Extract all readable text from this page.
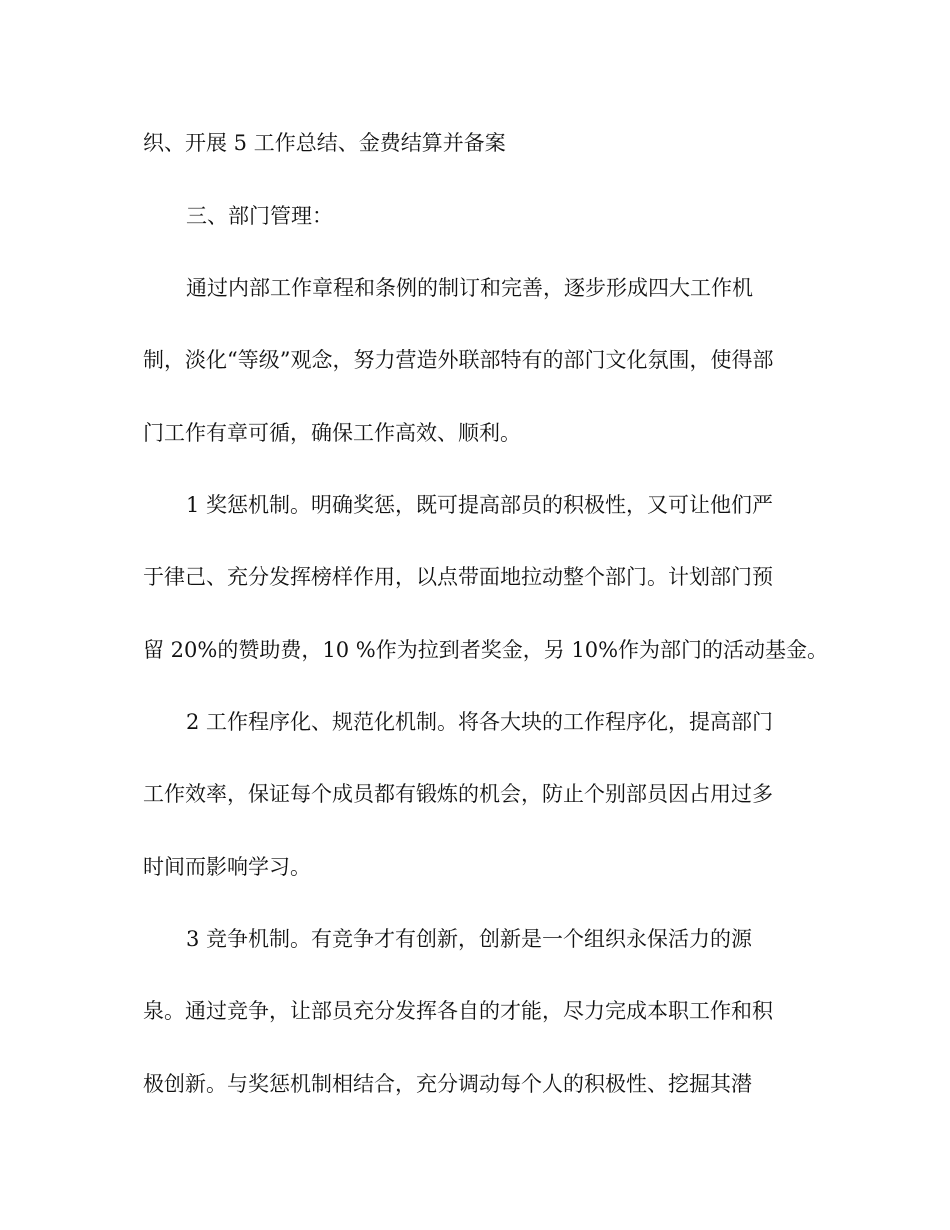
织、开展 5 工作总结、金费结算并备案

三、部门管理：

通过内部工作章程和条例的制订和完善，逐步形成四大工作机

制，淡化“等级”观念，努力营造外联部特有的部门文化氛围，使得部

门工作有章可循，确保工作高效、顺利。

1 奖惩机制。明确奖惩，既可提高部员的积极性，又可让他们严

于律己、充分发挥榜样作用，以点带面地拉动整个部门。计划部门预

留 20%的赞助费，10 %作为拉到者奖金，另 10%作为部门的活动基金。

2 工作程序化、规范化机制。将各大块的工作程序化，提高部门

工作效率，保证每个成员都有锻炼的机会，防止个别部员因占用过多

时间而影响学习。

3 竞争机制。有竞争才有创新，创新是一个组织永保活力的源

泉。通过竞争，让部员充分发挥各自的才能，尽力完成本职工作和积

极创新。与奖惩机制相结合，充分调动每个人的积极性、挖掘其潜
